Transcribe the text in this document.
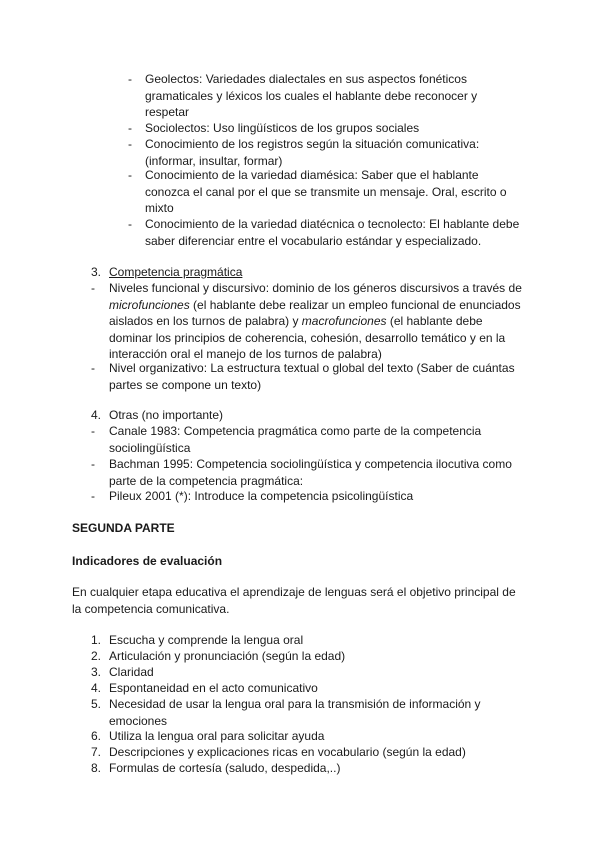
- Geolectos: Variedades dialectales en sus aspectos fonéticos
gramaticales y léxicos los cuales el hablante debe reconocer y
respetar
- Sociolectos: Uso lingüísticos de los grupos sociales
- Conocimiento de los registros según la situación comunicativa:
(informar, insultar, formar)
- Conocimiento de la variedad diamésica: Saber que el hablante
conozca el canal por el que se transmite un mensaje. Oral, escrito o
mixto
- Conocimiento de la variedad diatécnica o tecnolecto: El hablante debe
saber diferenciar entre el vocabulario estándar y especializado.
3. Competencia pragmática
- Niveles funcional y discursivo: dominio de los géneros discursivos a través de
microfunciones (el hablante debe realizar un empleo funcional de enunciados
aislados en los turnos de palabra) y macrofunciones (el hablante debe
dominar los principios de coherencia, cohesión, desarrollo temático y en la
interacción oral el manejo de los turnos de palabra)
- Nivel organizativo: La estructura textual o global del texto (Saber de cuántas
partes se compone un texto)
4. Otras (no importante)
- Canale 1983: Competencia pragmática como parte de la competencia
sociolingüística
- Bachman 1995: Competencia sociolingüística y competencia ilocutiva como
parte de la competencia pragmática:
- Pileux 2001 (*): Introduce la competencia psicolingüística
SEGUNDA PARTE
Indicadores de evaluación
En cualquier etapa educativa el aprendizaje de lenguas será el objetivo principal de
la competencia comunicativa.
1. Escucha y comprende la lengua oral
2. Articulación y pronunciación (según la edad)
3. Claridad
4. Espontaneidad en el acto comunicativo
5. Necesidad de usar la lengua oral para la transmisión de información y
emociones
6. Utiliza la lengua oral para solicitar ayuda
7. Descripciones y explicaciones ricas en vocabulario (según la edad)
8. Formulas de cortesía (saludo, despedida,..)
